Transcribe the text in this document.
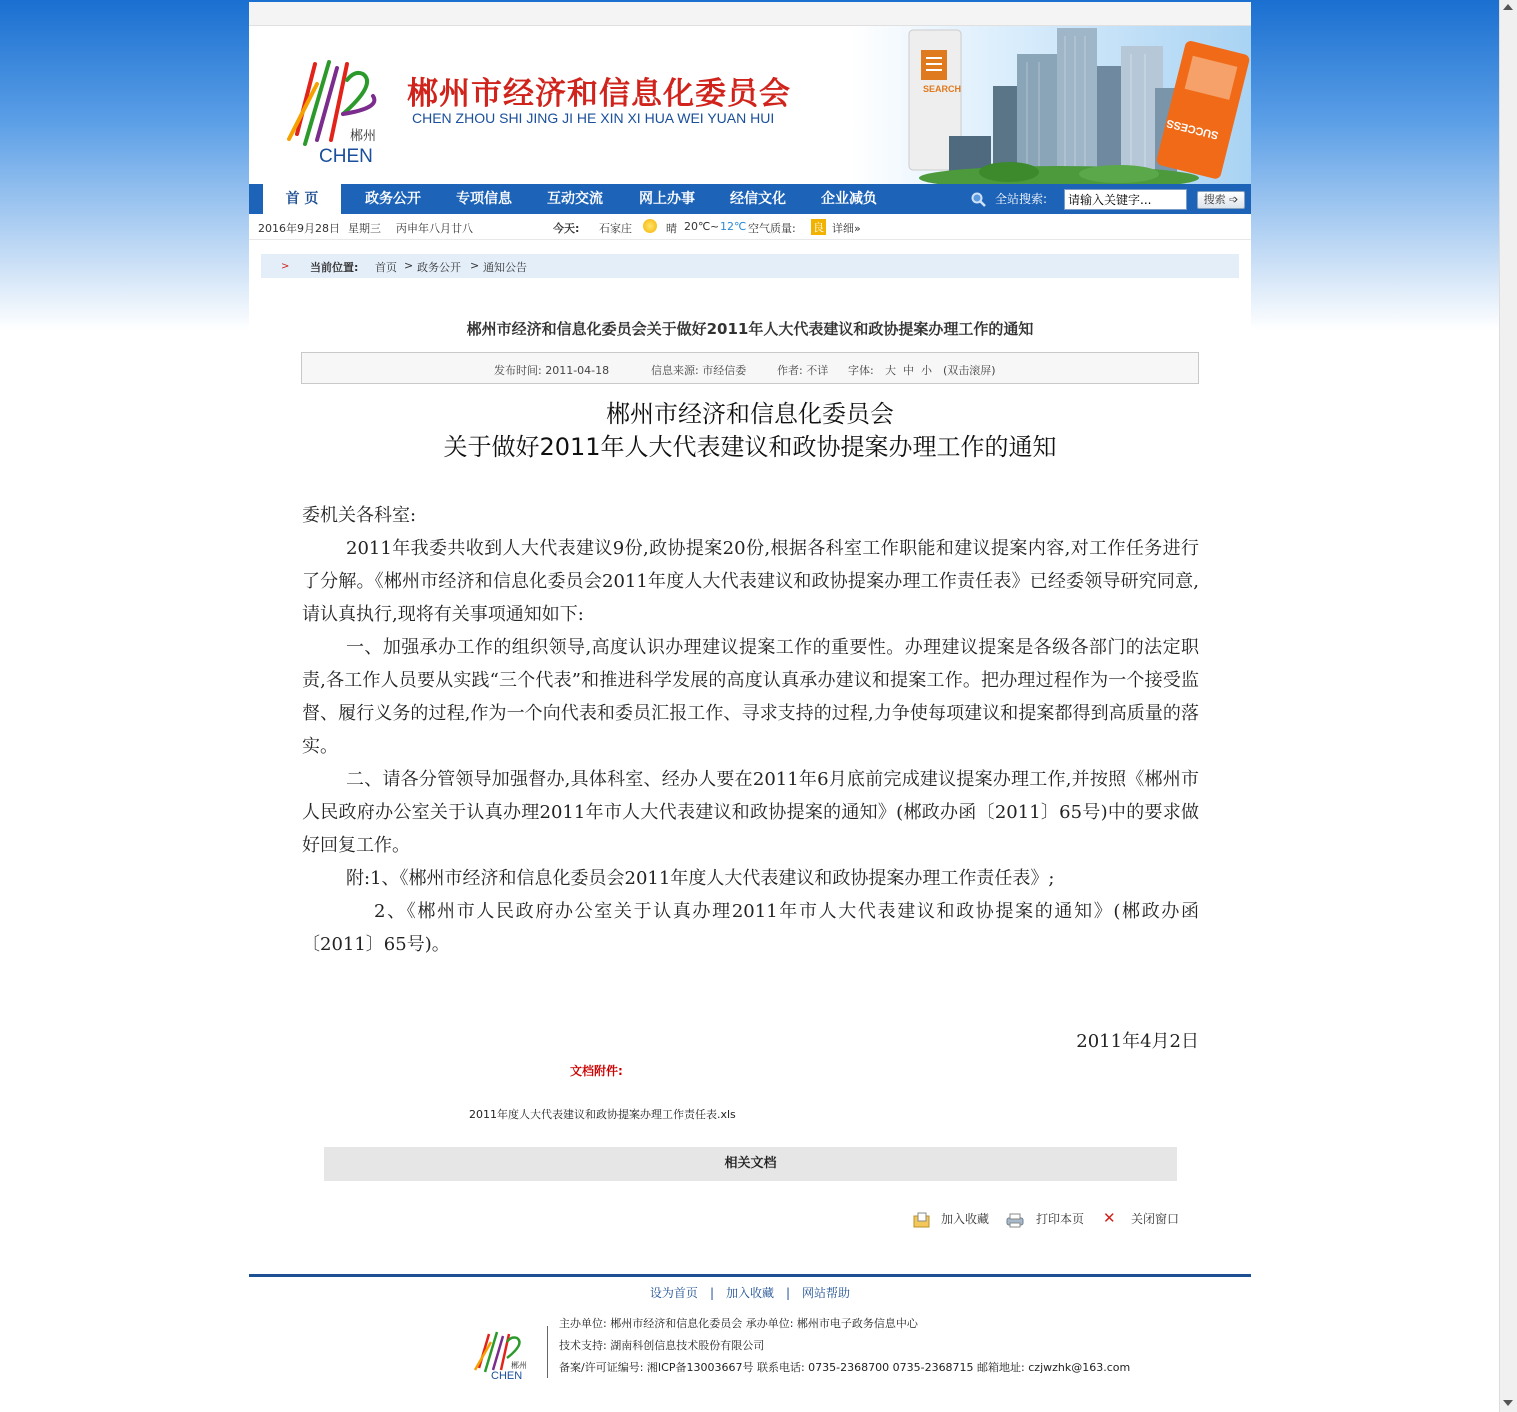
郴州
CHEN
郴州市经济和信息化委员会
CHEN ZHOU SHI JING JI HE XIN XI HUA WEI YUAN HUI
SEARCH
SUCCESS
首 页	政务公开	专项信息	互动交流	网上办事	经信文化	企业减负	全站搜索:
请输入关键字...	搜索 ➩
2016年9月28日 星期三 丙申年八月廿八	今天: 石家庄	晴 20℃ ~ 12℃ 空气质量: 良 详细»
> 当前位置: 首页 > 政务公开 > 通知公告
郴州市经济和信息化委员会关于做好2011年人大代表建议和政协提案办理工作的通知
发布时间: 2011-04-18	信息来源: 市经信委	作者: 不详 字体: 大 中 小 (双击滚屏)
郴州市经济和信息化委员会
关于做好2011年人大代表建议和政协提案办理工作的通知

委机关各科室:

2011年我委共收到人大代表建议9份,政协提案20份,根据各科室工作职能和建议提案内容,对工作任务进行了分解。《郴州市经济和信息化委员会2011年度人大代表建议和政协提案办理工作责任表》已经委领导研究同意,请认真执行,现将有关事项通知如下:

一、加强承办工作的组织领导,高度认识办理建议提案工作的重要性。办理建议提案是各级各部门的法定职责,各工作人员要从实践“三个代表”和推进科学发展的高度认真承办建议和提案工作。把办理过程作为一个接受监督、履行义务的过程,作为一个向代表和委员汇报工作、寻求支持的过程,力争使每项建议和提案都得到高质量的落实。

二、请各分管领导加强督办,具体科室、经办人要在2011年6月底前完成建议提案办理工作,并按照《郴州市人民政府办公室关于认真办理2011年市人大代表建议和政协提案的通知》(郴政办函〔2011〕65号)中的要求做好回复工作。

附:1、《郴州市经济和信息化委员会2011年度人大代表建议和政协提案办理工作责任表》;

2、《郴州市人民政府办公室关于认真办理2011年市人大代表建议和政协提案的通知》(郴政办函〔2011〕65号)。

2011年4月2日
文档附件:
2011年度人大代表建议和政协提案办理工作责任表.xls
相关文档
加入收藏	打印本页 ✕ 关闭窗口
设为首页 | 加入收藏 | 网站帮助
郴州
CHEN
主办单位: 郴州市经济和信息化委员会 承办单位: 郴州市电子政务信息中心
技术支持: 湖南科创信息技术股份有限公司
备案/许可证编号: 湘ICP备13003667号 联系电话: 0735-2368700 0735-2368715 邮箱地址: czjwzhk@163.com
